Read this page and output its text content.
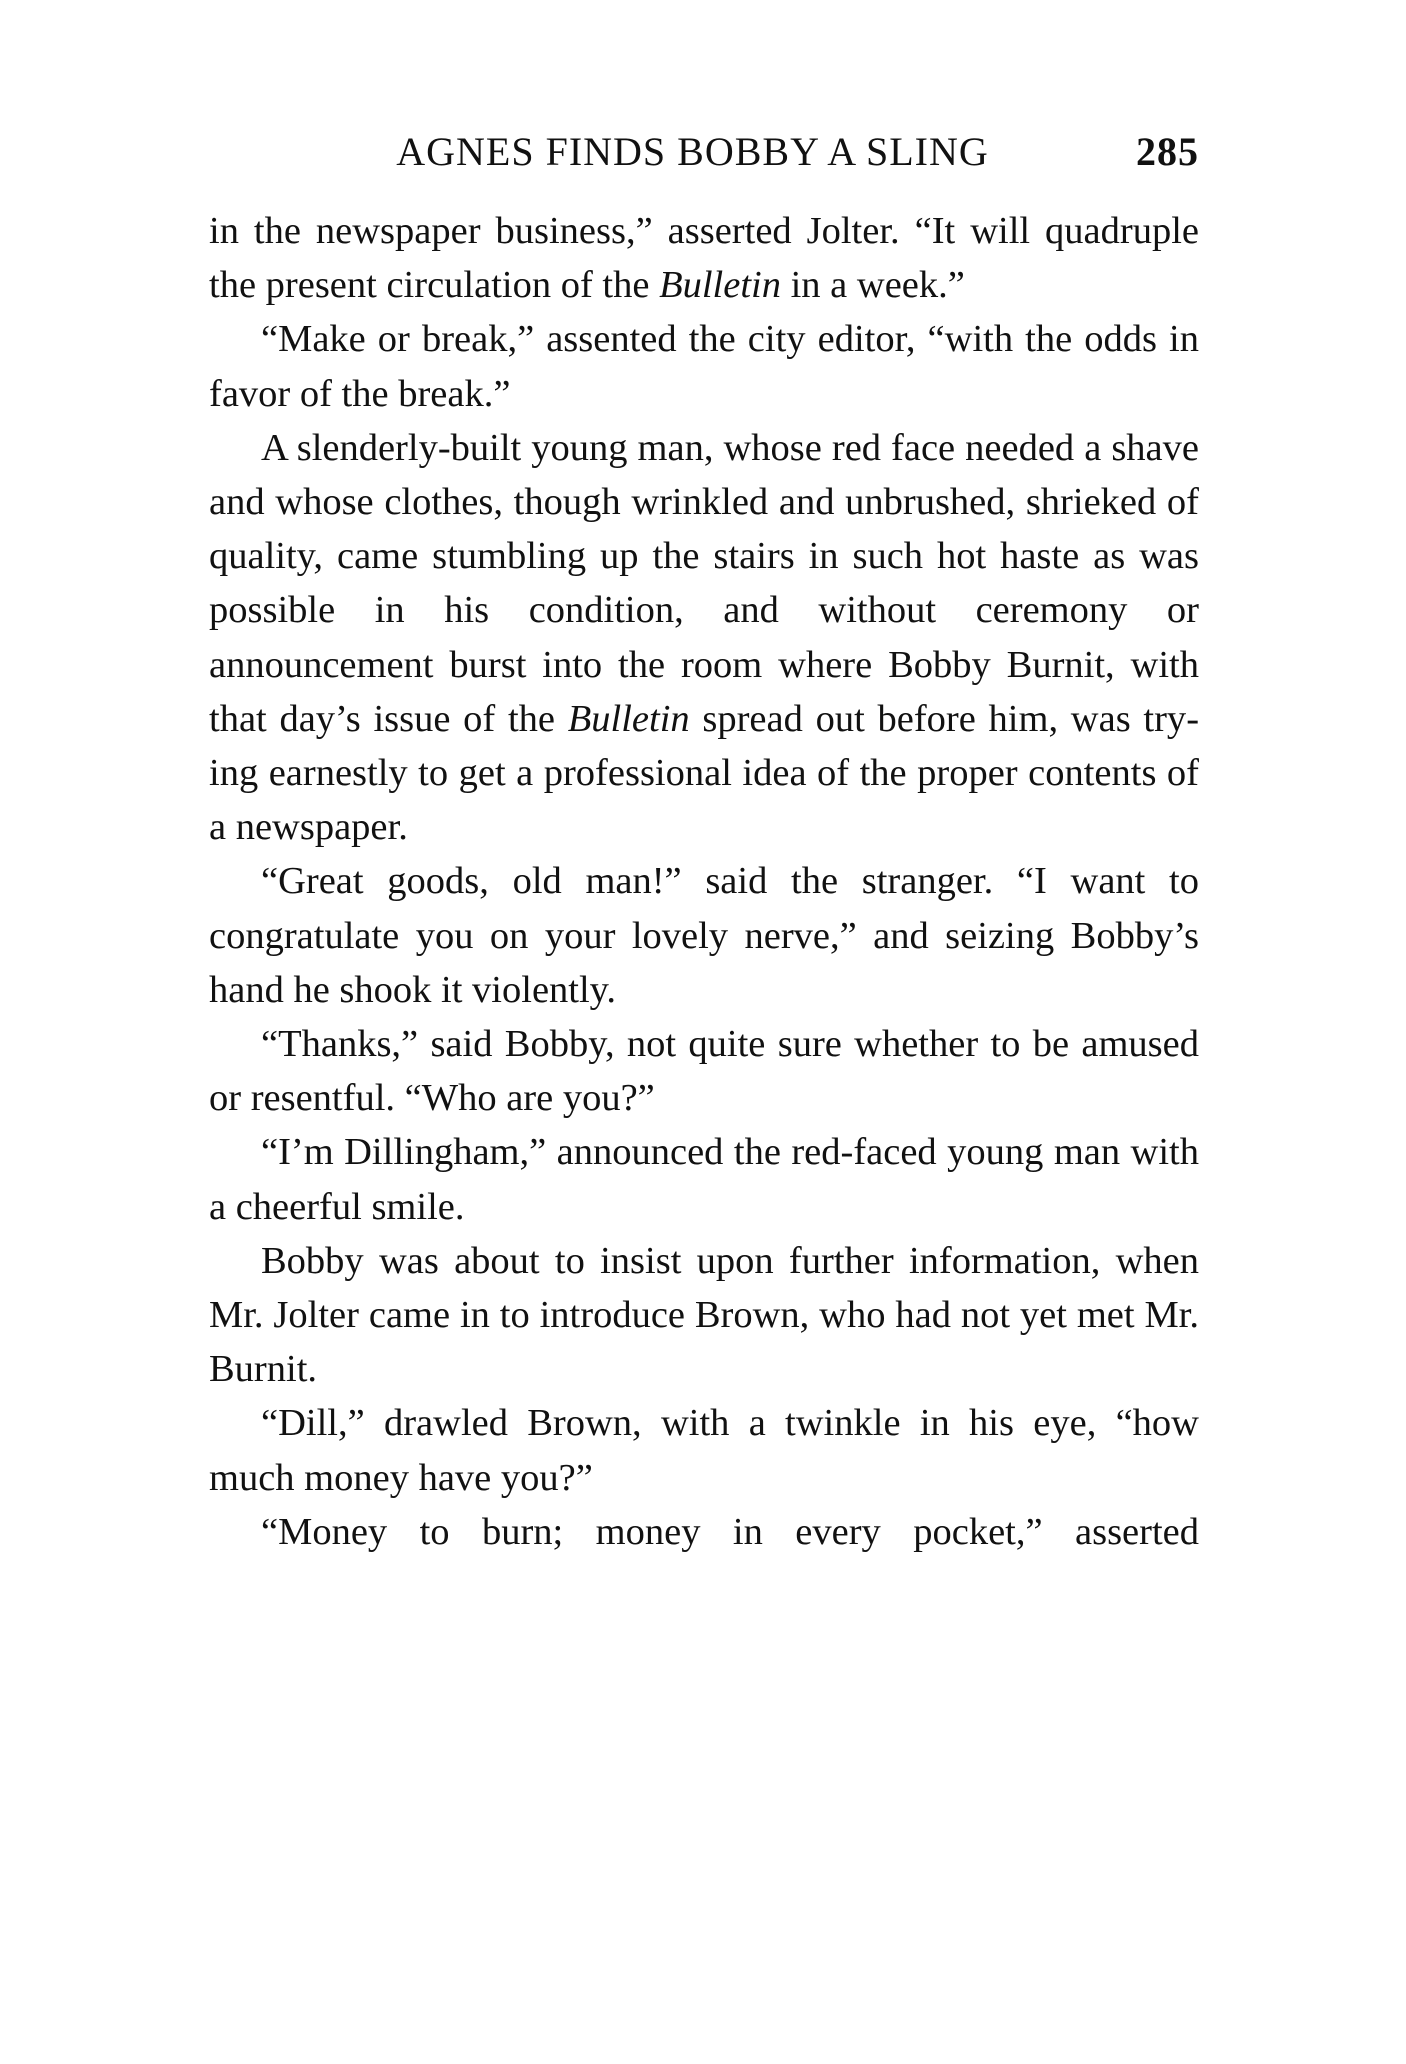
AGNES FINDS BOBBY A SLING	285

in the newspaper business,” asserted Jolter. “It will quadruple the present circulation of the Bulletin in a week.”

“Make or break,” assented the city editor, “with the odds in favor of the break.”

A slenderly-built young man, whose red face needed a shave and whose clothes, though wrinkled and unbrushed, shrieked of quality, came stumbling up the stairs in such hot haste as was possible in his condition, and without ceremony or announcement burst into the room where Bobby Burnit, with that day’s issue of the Bulletin spread out before him, was trying earnestly to get a professional idea of the proper contents of a newspaper.

“Great goods, old man!” said the stranger. “I want to congratulate you on your lovely nerve,” and seizing Bobby’s hand he shook it violently.

“Thanks,” said Bobby, not quite sure whether to be amused or resentful. “Who are you?”

“I’m Dillingham,” announced the red-faced young man with a cheerful smile.

Bobby was about to insist upon further information, when Mr. Jolter came in to introduce Brown, who had not yet met Mr. Burnit.

“Dill,” drawled Brown, with a twinkle in his eye, “how much money have you?”

“Money to burn; money in every pocket,” asserted
